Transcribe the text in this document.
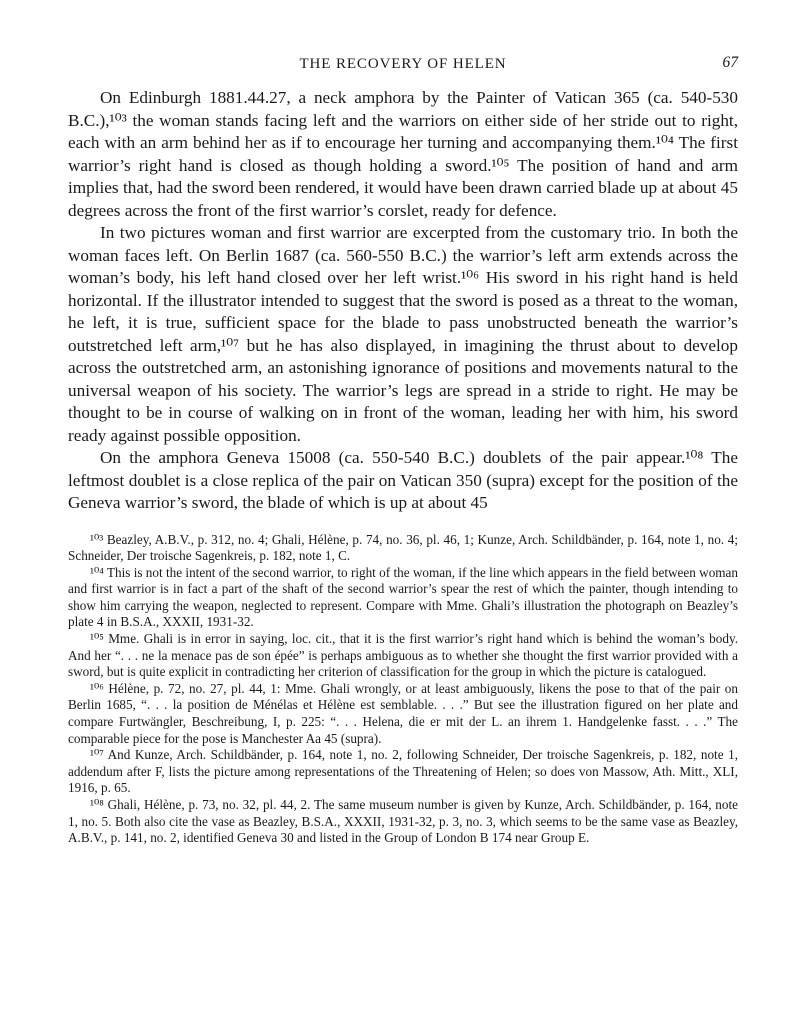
THE RECOVERY OF HELEN	67

On Edinburgh 1881.44.27, a neck amphora by the Painter of Vatican 365 (ca. 540-530 B.C.),¹⁰³ the woman stands facing left and the warriors on either side of her stride out to right, each with an arm behind her as if to encourage her turning and accompanying them.¹⁰⁴ The first warrior’s right hand is closed as though holding a sword.¹⁰⁵ The position of hand and arm implies that, had the sword been rendered, it would have been drawn carried blade up at about 45 degrees across the front of the first warrior’s corslet, ready for defence.

In two pictures woman and first warrior are excerpted from the customary trio. In both the woman faces left. On Berlin 1687 (ca. 560-550 B.C.) the warrior’s left arm extends across the woman’s body, his left hand closed over her left wrist.¹⁰⁶ His sword in his right hand is held horizontal. If the illustrator intended to suggest that the sword is posed as a threat to the woman, he left, it is true, sufficient space for the blade to pass unobstructed beneath the warrior’s outstretched left arm,¹⁰⁷ but he has also displayed, in imagining the thrust about to develop across the outstretched arm, an astonishing ignorance of positions and movements natural to the universal weapon of his society. The warrior’s legs are spread in a stride to right. He may be thought to be in course of walking on in front of the woman, leading her with him, his sword ready against possible opposition.

On the amphora Geneva 15008 (ca. 550-540 B.C.) doublets of the pair appear.¹⁰⁸ The leftmost doublet is a close replica of the pair on Vatican 350 (supra) except for the position of the Geneva warrior’s sword, the blade of which is up at about 45

¹⁰³ Beazley, A.B.V., p. 312, no. 4; Ghali, Hélène, p. 74, no. 36, pl. 46, 1; Kunze, Arch. Schildbänder, p. 164, note 1, no. 4; Schneider, Der troische Sagenkreis, p. 182, note 1, C.

¹⁰⁴ This is not the intent of the second warrior, to right of the woman, if the line which appears in the field between woman and first warrior is in fact a part of the shaft of the second warrior’s spear the rest of which the painter, though intending to show him carrying the weapon, neglected to represent. Compare with Mme. Ghali’s illustration the photograph on Beazley’s plate 4 in B.S.A., XXXII, 1931-32.

¹⁰⁵ Mme. Ghali is in error in saying, loc. cit., that it is the first warrior’s right hand which is behind the woman’s body. And her “. . . ne la menace pas de son épée” is perhaps ambiguous as to whether she thought the first warrior provided with a sword, but is quite explicit in contradicting her criterion of classification for the group in which the picture is catalogued.

¹⁰⁶ Hélène, p. 72, no. 27, pl. 44, 1: Mme. Ghali wrongly, or at least ambiguously, likens the pose to that of the pair on Berlin 1685, “. . . la position de Ménélas et Hélène est semblable. . . .” But see the illustration figured on her plate and compare Furtwängler, Beschreibung, I, p. 225: “. . . Helena, die er mit der L. an ihrem 1. Handgelenke fasst. . . .” The comparable piece for the pose is Manchester Aa 45 (supra).

¹⁰⁷ And Kunze, Arch. Schildbänder, p. 164, note 1, no. 2, following Schneider, Der troische Sagenkreis, p. 182, note 1, addendum after F, lists the picture among representations of the Threatening of Helen; so does von Massow, Ath. Mitt., XLI, 1916, p. 65.

¹⁰⁸ Ghali, Hélène, p. 73, no. 32, pl. 44, 2. The same museum number is given by Kunze, Arch. Schildbänder, p. 164, note 1, no. 5. Both also cite the vase as Beazley, B.S.A., XXXII, 1931-32, p. 3, no. 3, which seems to be the same vase as Beazley, A.B.V., p. 141, no. 2, identified Geneva 30 and listed in the Group of London B 174 near Group E.
